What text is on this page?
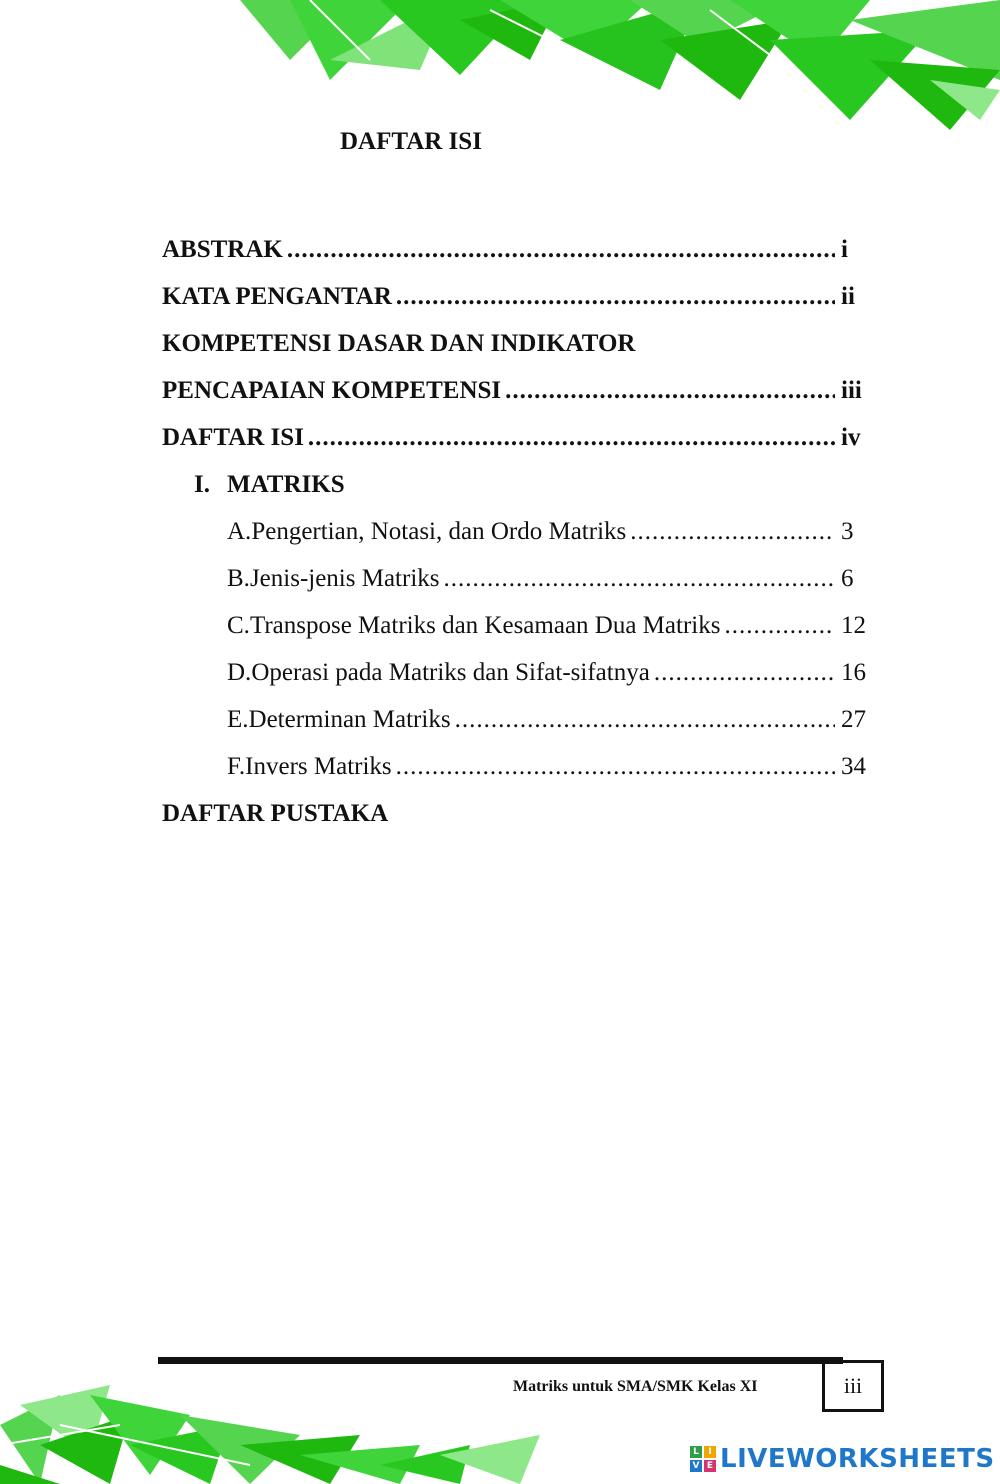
DAFTAR ISI
ABSTRAK .....	i
KATA PENGANTAR .....	ii
KOMPETENSI DASAR DAN INDIKATOR
PENCAPAIAN KOMPETENSI .....	iii
DAFTAR ISI .....	iv
I. MATRIKS
A. Pengertian, Notasi, dan Ordo Matriks .....	3
B. Jenis-jenis Matriks .....	6
C. Transpose Matriks dan Kesamaan Dua Matriks .....	12
D. Operasi pada Matriks dan Sifat-sifatnya .....	16
E. Determinan Matriks .....	27
F. Invers Matriks .....	34
DAFTAR PUSTAKA
Matriks untuk SMA/SMK Kelas XI	iii
L	I
V E LIVEWORKSHEETS
